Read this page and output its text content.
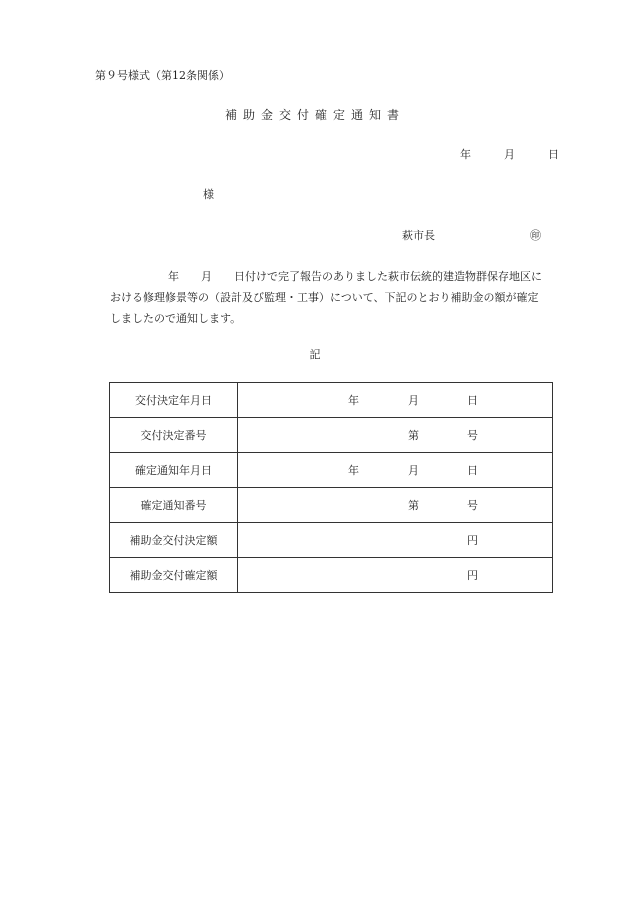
第９号様式（第12条関係）
補助金交付確定通知書
年	月	日
様
萩市長	㊞
年　　月　　日付けで完了報告のありました萩市伝統的建造物群保存地区に
おける修理修景等の（設計及び監理・工事）について、下記のとおり補助金の額が確定
しましたので通知します。
記
交付決定年月日	年 月 日

交付決定番号	第 号

確定通知年月日	年 月 日

確定通知番号	第 号

補助金交付決定額	円

補助金交付確定額	円
